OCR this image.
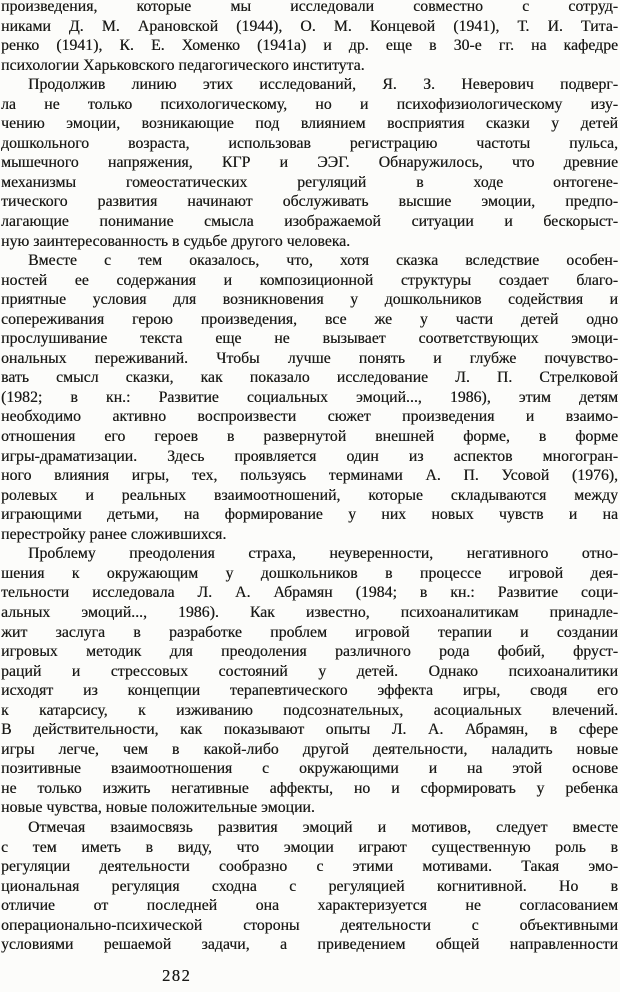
произведения, которые мы исследовали совместно с сотруд-
никами Д. М. Арановской (1944), О. М. Концевой (1941), Т. И. Тита-
ренко (1941), К. Е. Хоменко (1941а) и др. еще в 30-е гг. на кафедре
психологии Харьковского педагогического института.

Продолжив линию этих исследований, Я. З. Неверович подверг-
ла не только психологическому, но и психофизиологическому изу-
чению эмоции, возникающие под влиянием восприятия сказки у детей
дошкольного возраста, использовав регистрацию частоты пульса,
мышечного напряжения, КГР и ЭЭГ. Обнаружилось, что древние
механизмы гомеостатических регуляций в ходе онтогене-
тического развития начинают обслуживать высшие эмоции, предпо-
лагающие понимание смысла изображаемой ситуации и бескорыст-
ную заинтересованность в судьбе другого человека.

Вместе с тем оказалось, что, хотя сказка вследствие особен-
ностей ее содержания и композиционной структуры создает благо-
приятные условия для возникновения у дошкольников содействия и
сопереживания герою произведения, все же у части детей одно
прослушивание текста еще не вызывает соответствующих эмоци-
ональных переживаний. Чтобы лучше понять и глубже почувство-
вать смысл сказки, как показало исследование Л. П. Стрелковой
(1982; в кн.: Развитие социальных эмоций..., 1986), этим детям
необходимо активно воспроизвести сюжет произведения и взаимо-
отношения его героев в развернутой внешней форме, в форме
игры-драматизации. Здесь проявляется один из аспектов многогран-
ного влияния игры, тех, пользуясь терминами А. П. Усовой (1976),
ролевых и реальных взаимоотношений, которые складываются между
играющими детьми, на формирование у них новых чувств и на
перестройку ранее сложившихся.

Проблему преодоления страха, неуверенности, негативного отно-
шения к окружающим у дошкольников в процессе игровой дея-
тельности исследовала Л. А. Абрамян (1984; в кн.: Развитие соци-
альных эмоций..., 1986). Как известно, психоаналитикам принадле-
жит заслуга в разработке проблем игровой терапии и создании
игровых методик для преодоления различного рода фобий, фруст-
раций и стрессовых состояний у детей. Однако психоаналитики
исходят из концепции терапевтического эффекта игры, сводя его
к катарсису, к изживанию подсознательных, асоциальных влечений.
В действительности, как показывают опыты Л. А. Абрамян, в сфере
игры легче, чем в какой-либо другой деятельности, наладить новые
позитивные взаимоотношения с окружающими и на этой основе
не только изжить негативные аффекты, но и сформировать у ребенка
новые чувства, новые положительные эмоции.

Отмечая взаимосвязь развития эмоций и мотивов, следует вместе
с тем иметь в виду, что эмоции играют существенную роль в
регуляции деятельности сообразно с этими мотивами. Такая эмо-
циональная регуляция сходна с регуляцией когнитивной. Но в
отличие от последней она характеризуется не согласованием
операционально-психической стороны деятельности с объективными
условиями решаемой задачи, а приведением общей направленности

282
